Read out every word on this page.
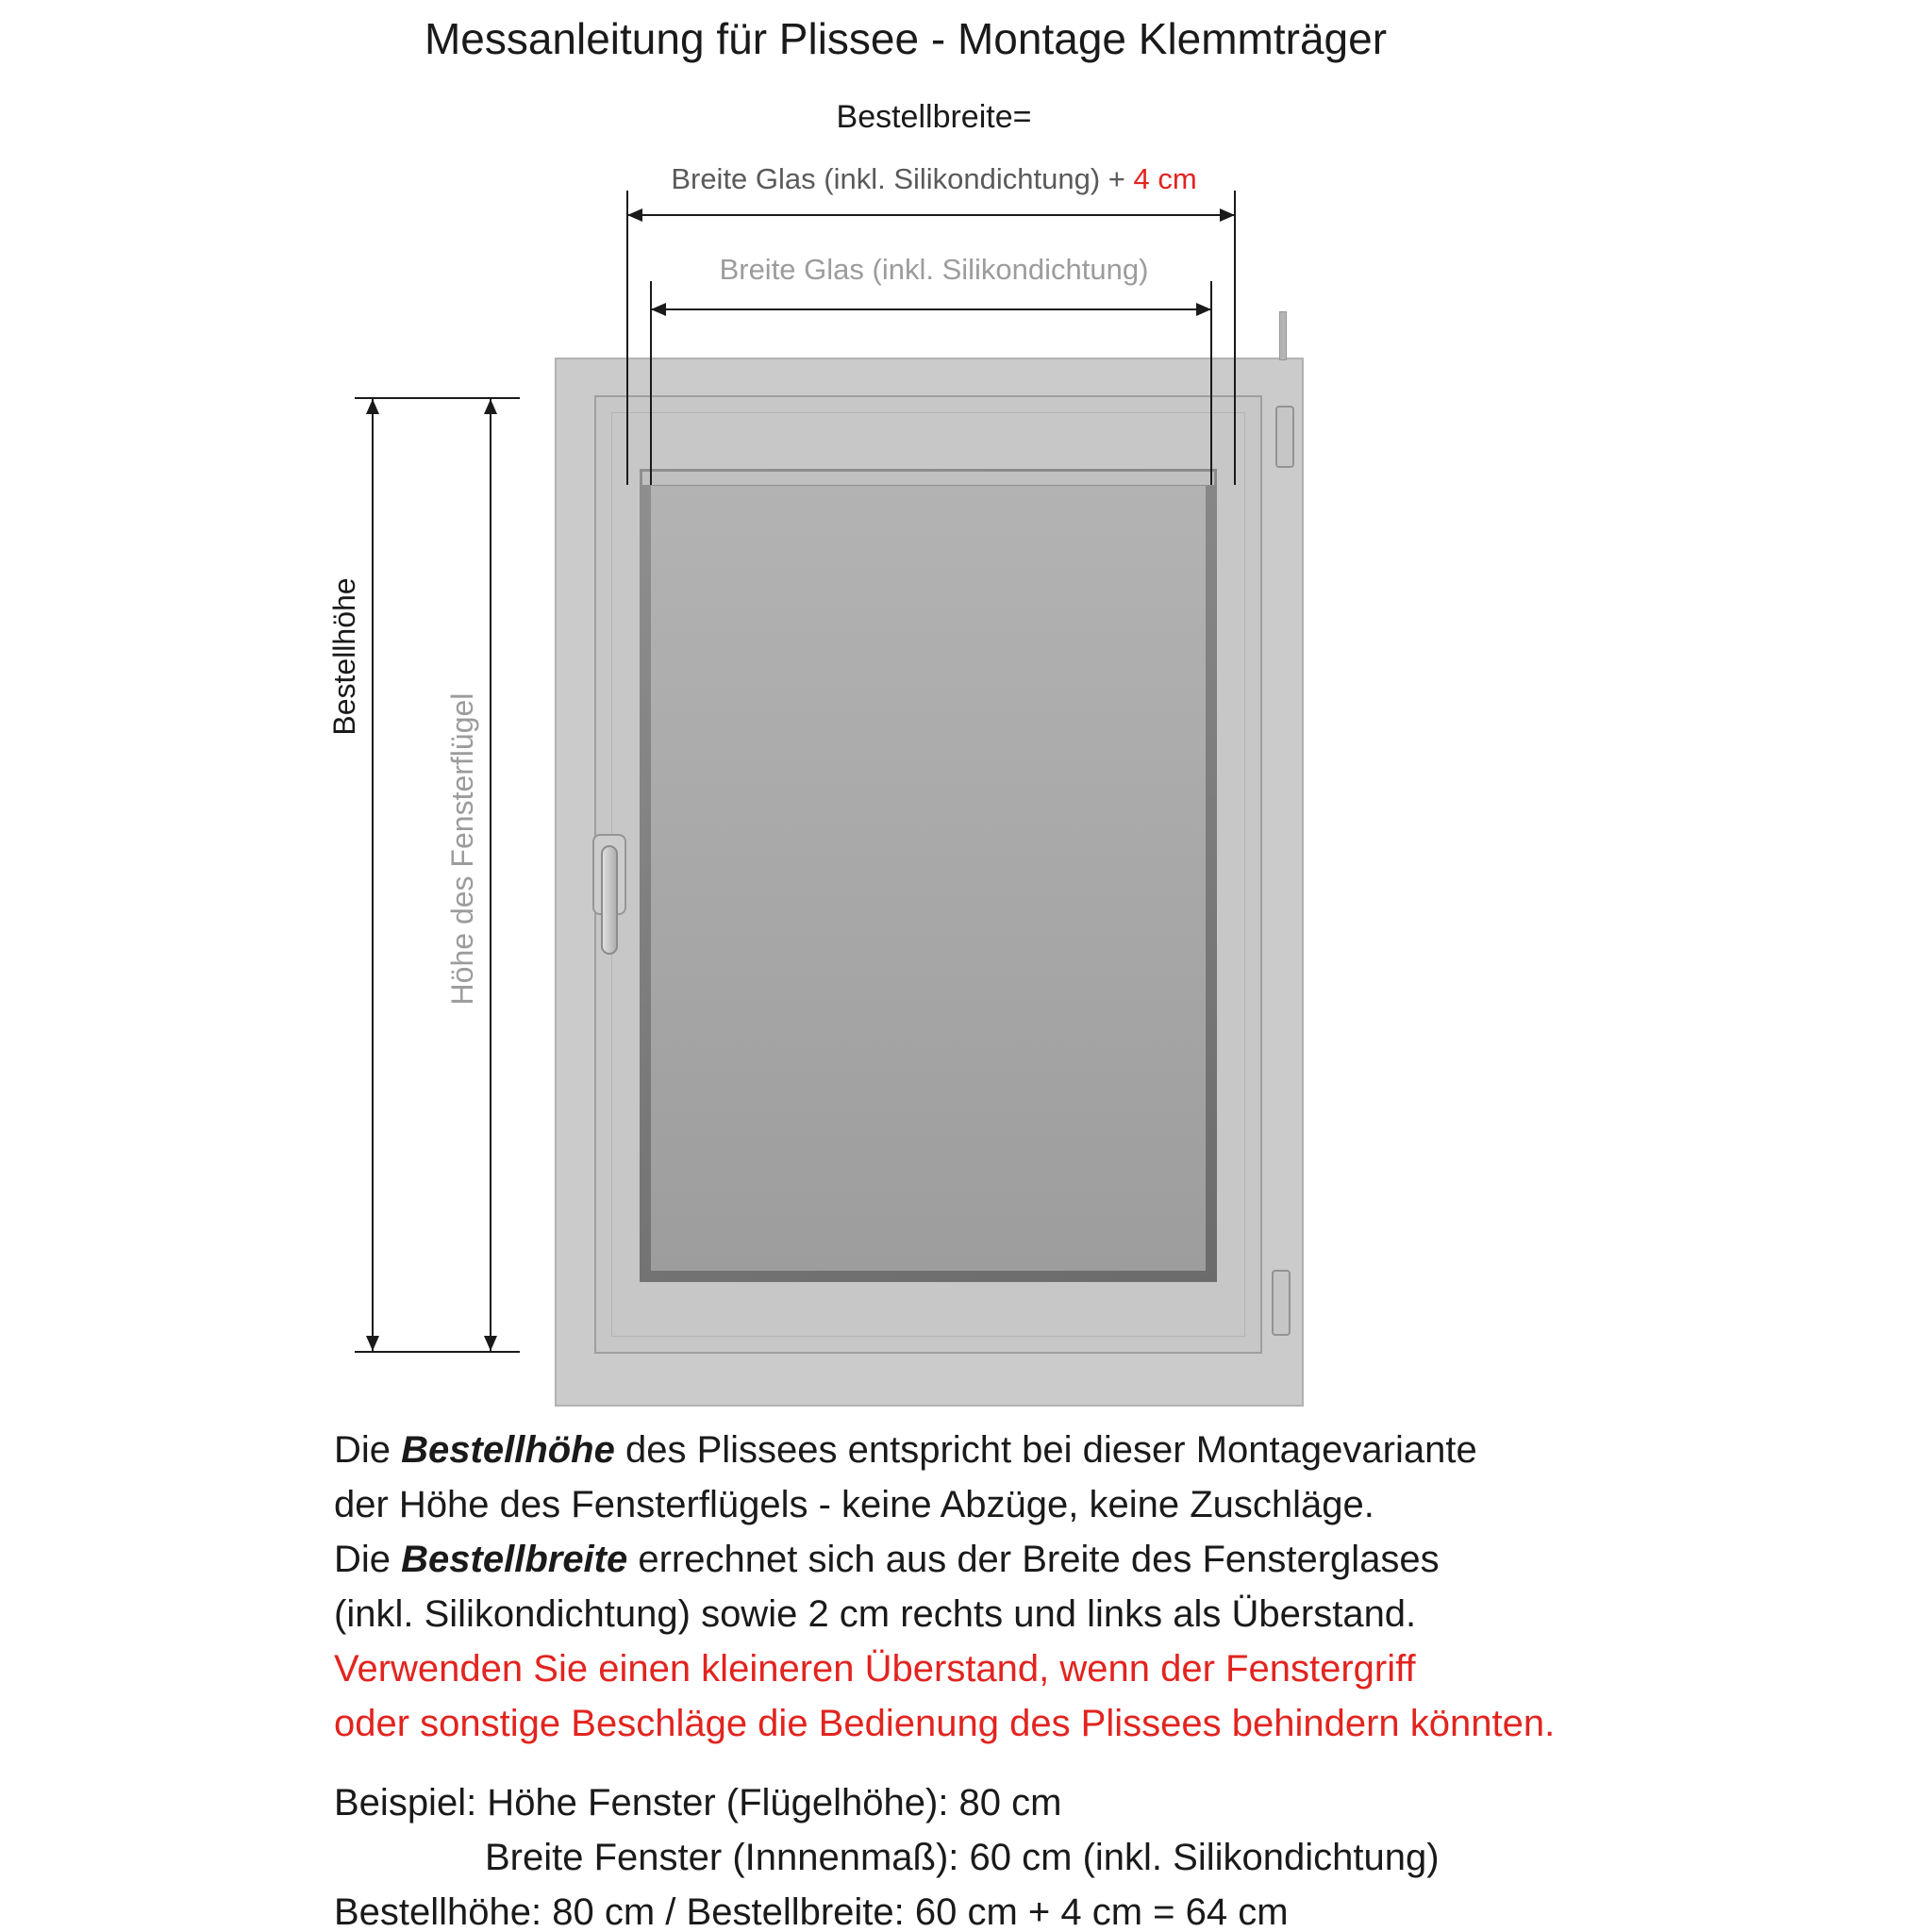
Messanleitung für Plissee - Montage Klemmträger
Bestellbreite=
Breite Glas (inkl. Silikondichtung) + 4 cm
Breite Glas (inkl. Silikondichtung)
Bestellhöhe
Höhe des Fensterflügel
Die Bestellhöhe des Plissees entspricht bei dieser Montagevariante
der Höhe des Fensterflügels - keine Abzüge, keine Zuschläge.
Die Bestellbreite errechnet sich aus der Breite des Fensterglases
(inkl. Silikondichtung) sowie 2 cm rechts und links als Überstand.
Verwenden Sie einen kleineren Überstand, wenn der Fenstergriff
oder sonstige Beschläge die Bedienung des Plissees behindern könnten.
Beispiel: Höhe Fenster (Flügelhöhe): 80 cm
Breite Fenster (Innnenmaß): 60 cm (inkl. Silikondichtung)
Bestellhöhe: 80 cm / Bestellbreite: 60 cm + 4 cm = 64 cm
